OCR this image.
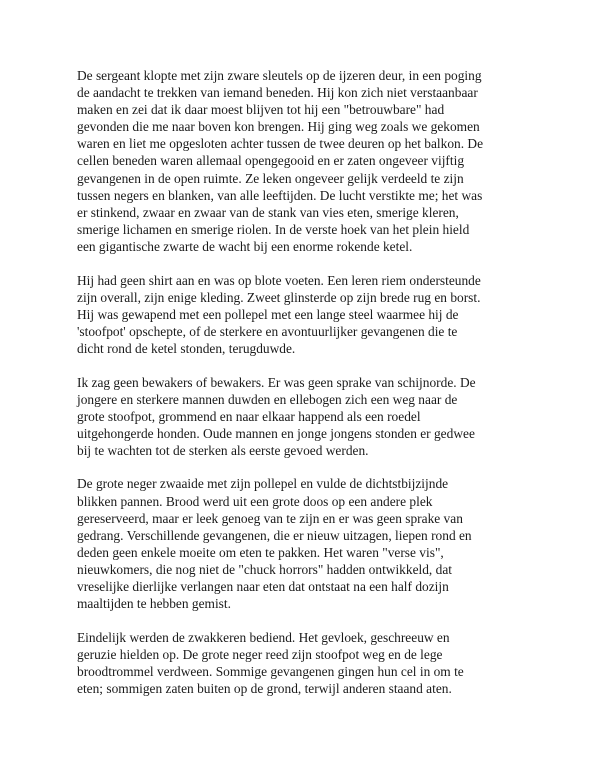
De sergeant klopte met zijn zware sleutels op de ijzeren deur, in een poging
de aandacht te trekken van iemand beneden. Hij kon zich niet verstaanbaar
maken en zei dat ik daar moest blijven tot hij een "betrouwbare" had
gevonden die me naar boven kon brengen. Hij ging weg zoals we gekomen
waren en liet me opgesloten achter tussen de twee deuren op het balkon. De
cellen beneden waren allemaal opengegooid en er zaten ongeveer vijftig
gevangenen in de open ruimte. Ze leken ongeveer gelijk verdeeld te zijn
tussen negers en blanken, van alle leeftijden. De lucht verstikte me; het was
er stinkend, zwaar en zwaar van de stank van vies eten, smerige kleren,
smerige lichamen en smerige riolen. In de verste hoek van het plein hield
een gigantische zwarte de wacht bij een enorme rokende ketel.

Hij had geen shirt aan en was op blote voeten. Een leren riem ondersteunde
zijn overall, zijn enige kleding. Zweet glinsterde op zijn brede rug en borst.
Hij was gewapend met een pollepel met een lange steel waarmee hij de
'stoofpot' opschepte, of de sterkere en avontuurlijker gevangenen die te
dicht rond de ketel stonden, terugduwde.

Ik zag geen bewakers of bewakers. Er was geen sprake van schijnorde. De
jongere en sterkere mannen duwden en ellebogen zich een weg naar de
grote stoofpot, grommend en naar elkaar happend als een roedel
uitgehongerde honden. Oude mannen en jonge jongens stonden er gedwee
bij te wachten tot de sterken als eerste gevoed werden.

De grote neger zwaaide met zijn pollepel en vulde de dichtstbijzijnde
blikken pannen. Brood werd uit een grote doos op een andere plek
gereserveerd, maar er leek genoeg van te zijn en er was geen sprake van
gedrang. Verschillende gevangenen, die er nieuw uitzagen, liepen rond en
deden geen enkele moeite om eten te pakken. Het waren "verse vis",
nieuwkomers, die nog niet de "chuck horrors" hadden ontwikkeld, dat
vreselijke dierlijke verlangen naar eten dat ontstaat na een half dozijn
maaltijden te hebben gemist.

Eindelijk werden de zwakkeren bediend. Het gevloek, geschreeuw en
geruzie hielden op. De grote neger reed zijn stoofpot weg en de lege
broodtrommel verdween. Sommige gevangenen gingen hun cel in om te
eten; sommigen zaten buiten op de grond, terwijl anderen staand aten.
